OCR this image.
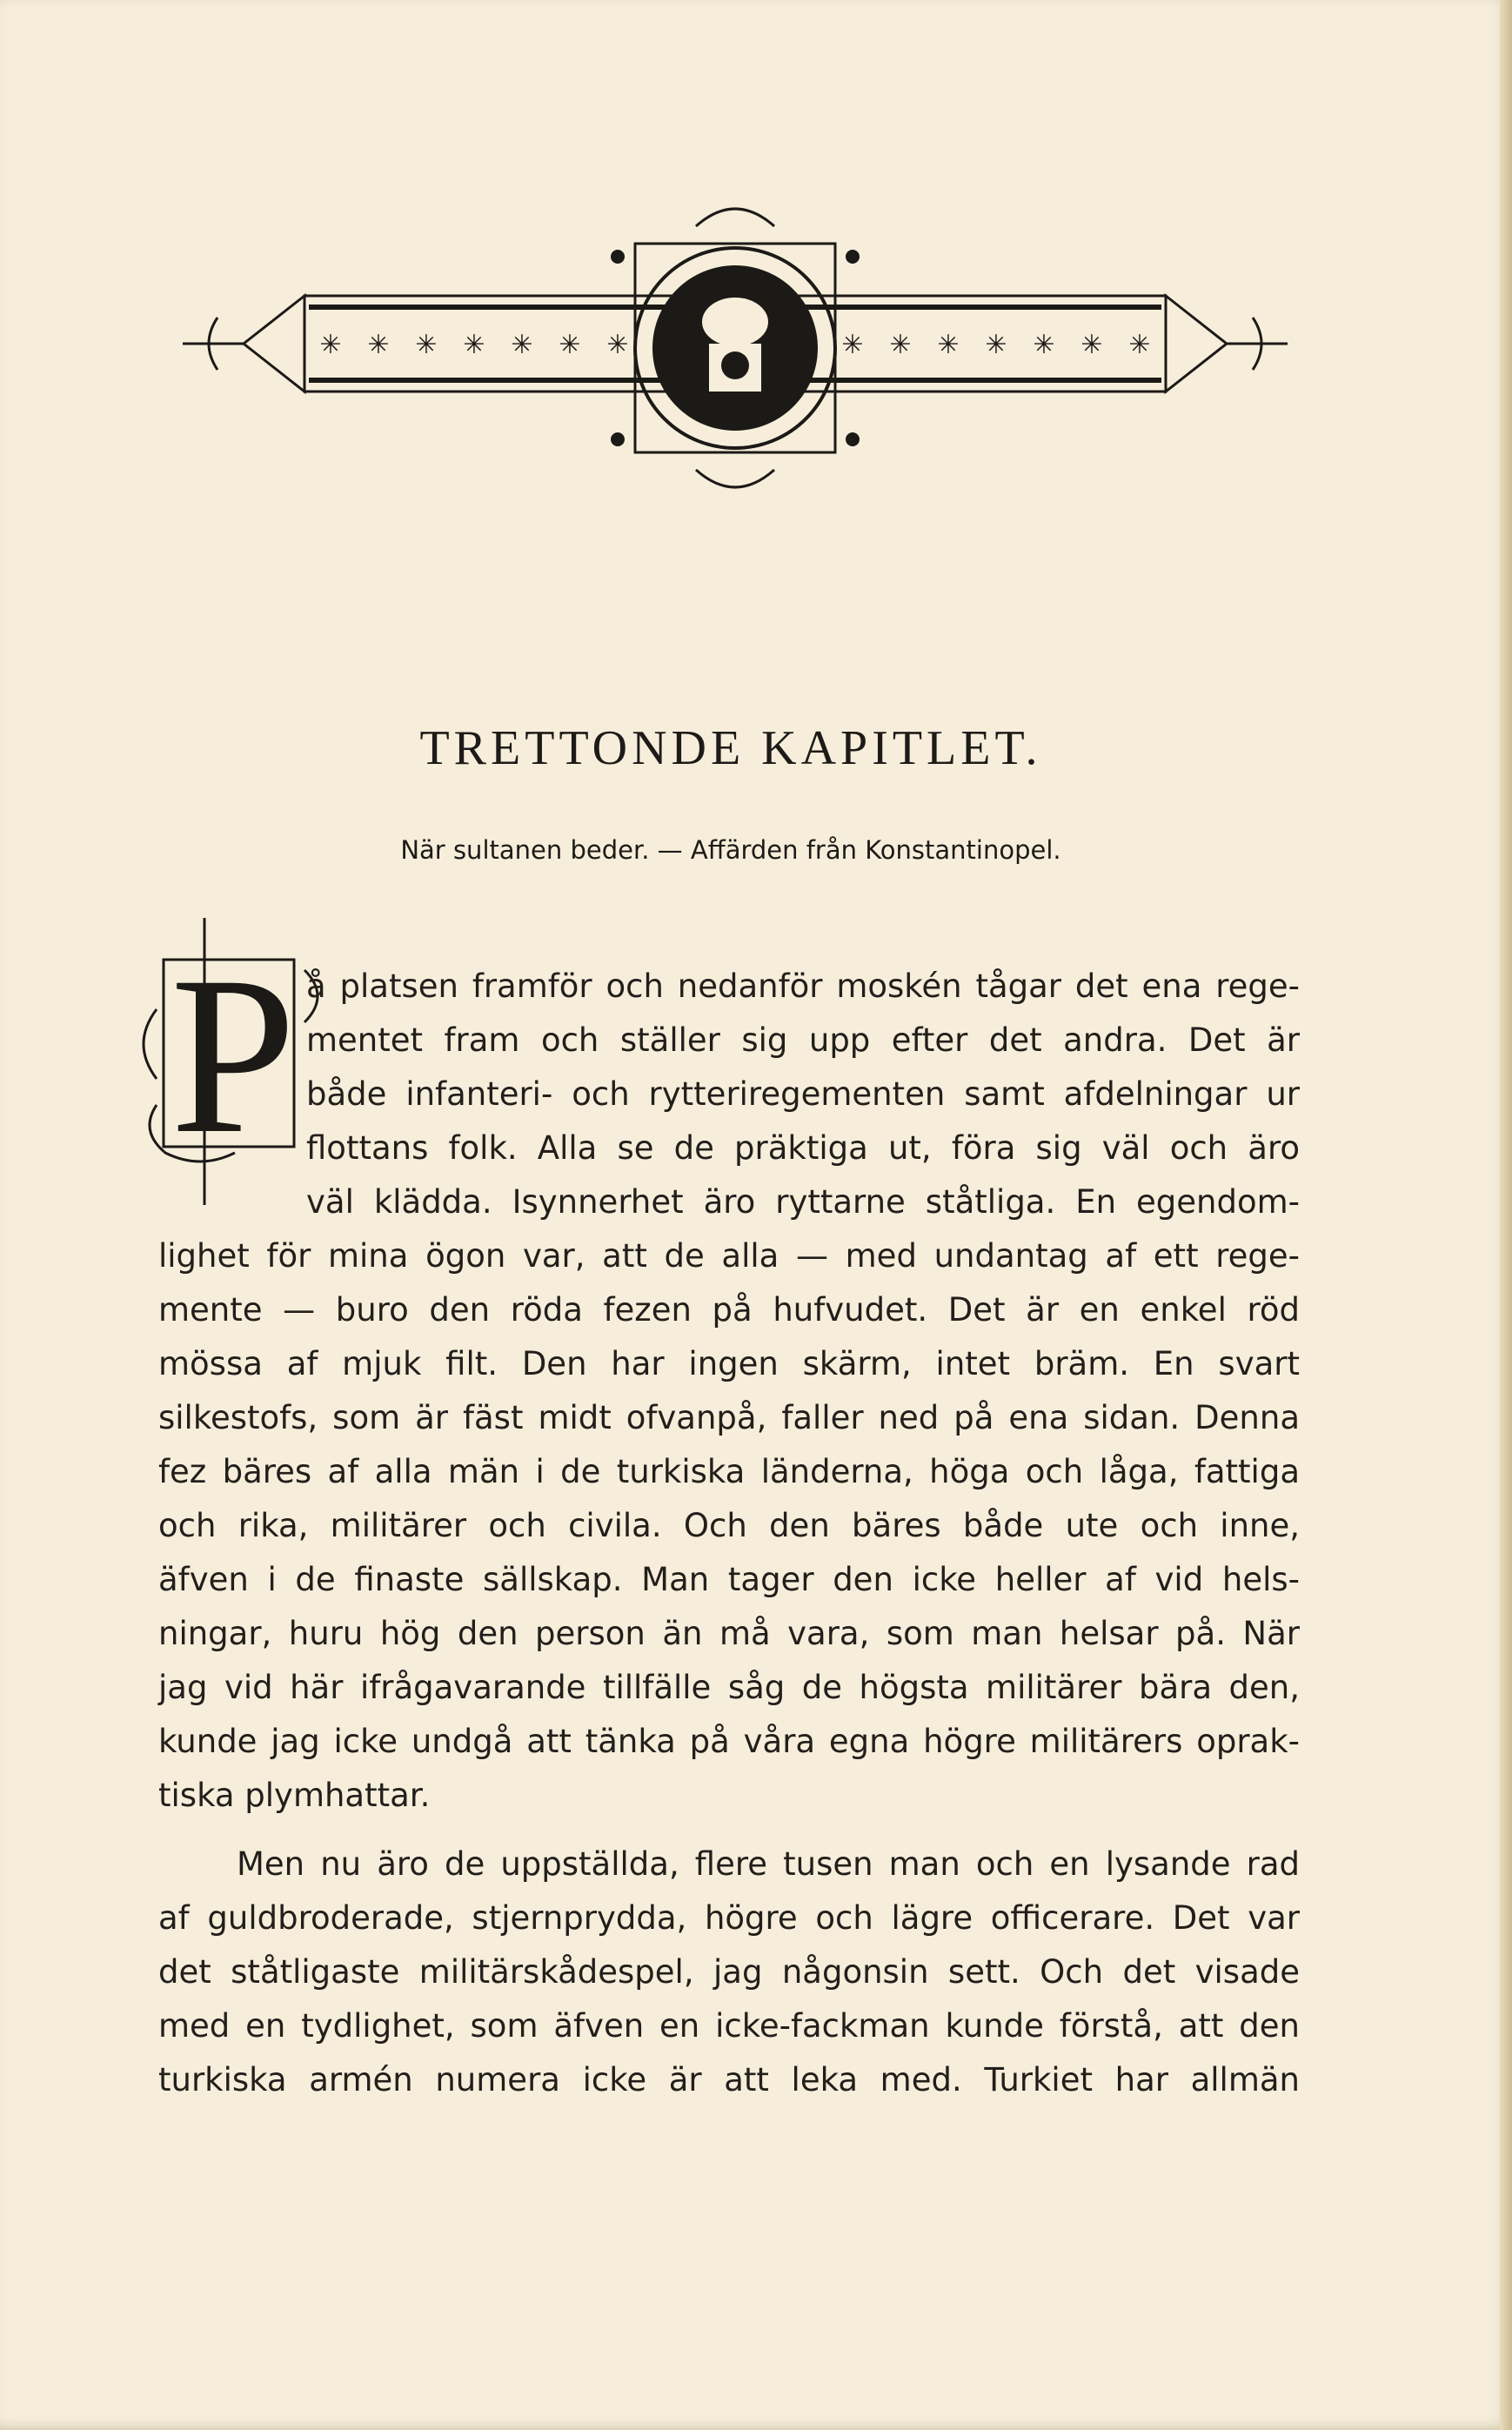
✳ ✳ ✳ ✳ ✳ ✳ ✳ ✳	✳ ✳ ✳ ✳ ✳ ✳ ✳ ✳
TRETTONDE KAPITLET.

När sultanen beder. — Affärden från Konstantinopel.

P å platsen framför och nedanför moskén tågar det ena rege-
mentet fram och ställer sig upp efter det andra. Det är
både infanteri- och rytteriregementen samt afdelningar ur
flottans folk. Alla se de präktiga ut, föra sig väl och äro
väl klädda. Isynnerhet äro ryttarne ståtliga. En egendom-
lighet för mina ögon var, att de alla — med undantag af ett rege-
mente — buro den röda fezen på hufvudet. Det är en enkel röd
mössa af mjuk filt. Den har ingen skärm, intet bräm. En svart
silkestofs, som är fäst midt ofvanpå, faller ned på ena sidan. Denna
fez bäres af alla män i de turkiska länderna, höga och låga, fattiga
och rika, militärer och civila. Och den bäres både ute och inne,
äfven i de finaste sällskap. Man tager den icke heller af vid hels-
ningar, huru hög den person än må vara, som man helsar på. När
jag vid här ifrågavarande tillfälle såg de högsta militärer bära den,
kunde jag icke undgå att tänka på våra egna högre militärers oprak-
tiska plymhattar.
Men nu äro de uppställda, flere tusen man och en lysande rad
af guldbroderade, stjernprydda, högre och lägre officerare. Det var
det ståtligaste militärskådespel, jag någonsin sett. Och det visade
med en tydlighet, som äfven en icke-fackman kunde förstå, att den
turkiska armén numera icke är att leka med. Turkiet har allmän
